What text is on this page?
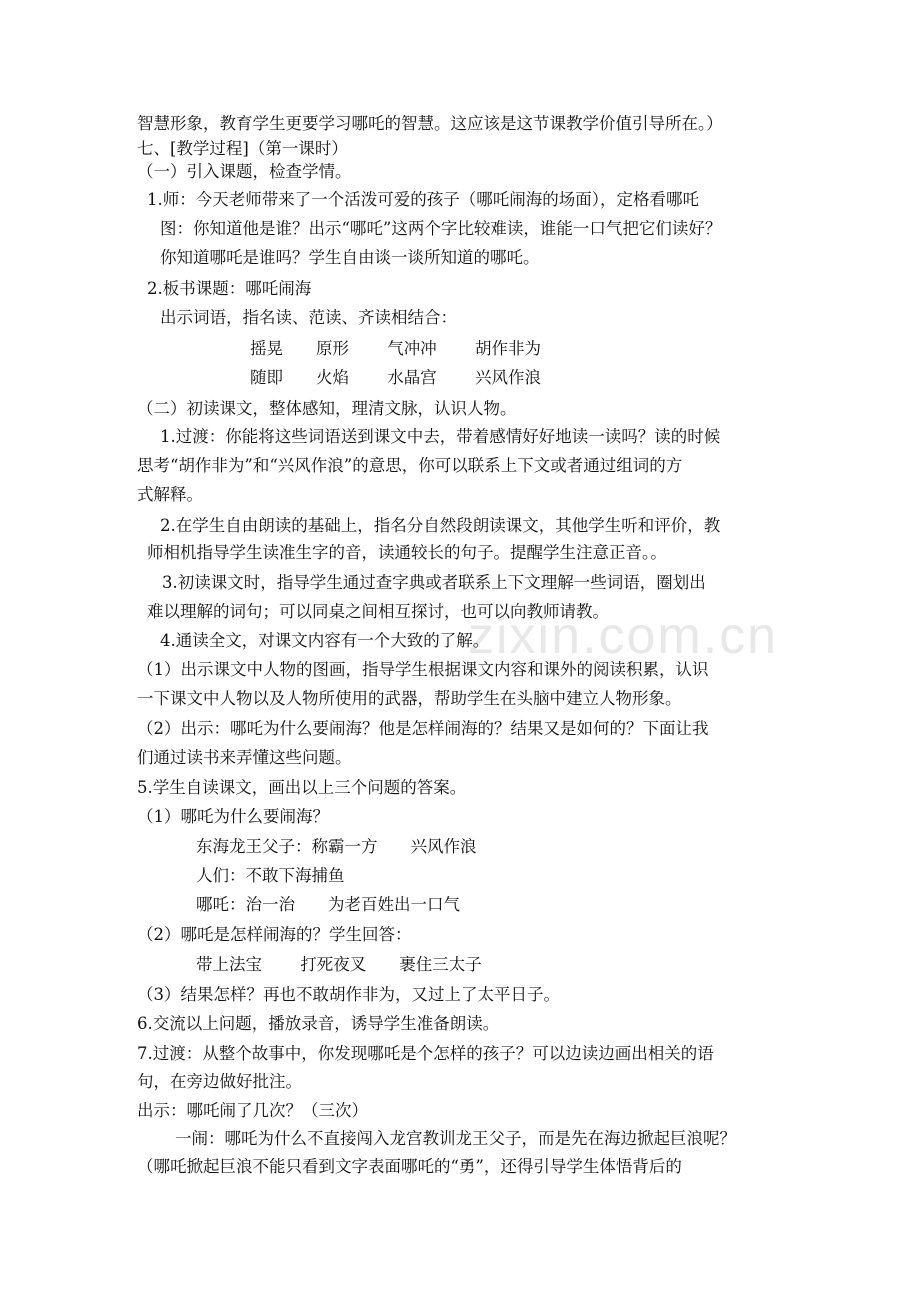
zixin.com.cn
智慧形象，教育学生更要学习哪吒的智慧。这应该是这节课教学价值引导所在。）
七、[教学过程]（第一课时）
（一）引入课题，检查学情。
1.师：今天老师带来了一个活泼可爱的孩子（哪吒闹海的场面），定格看哪吒
图：你知道他是谁？出示“哪吒”这两个字比较难读，谁能一口气把它们读好？
你知道哪吒是谁吗？学生自由谈一谈所知道的哪吒。
2.板书课题：哪吒闹海
出示词语，指名读、范读、齐读相结合：
摇晃　　原形　　 气冲冲　　 胡作非为
随即　　火焰　　 水晶宫　　 兴风作浪
（二）初读课文，整体感知，理清文脉，认识人物。
1.过渡：你能将这些词语送到课文中去，带着感情好好地读一读吗？读的时候
思考“胡作非为”和“兴风作浪”的意思，你可以联系上下文或者通过组词的方
式解释。
2.在学生自由朗读的基础上，指名分自然段朗读课文，其他学生听和评价，教
师相机指导学生读准生字的音，读通较长的句子。提醒学生注意正音。。
3.初读课文时，指导学生通过查字典或者联系上下文理解一些词语，圈划出
难以理解的词句；可以同桌之间相互探讨，也可以向教师请教。
4.通读全文，对课文内容有一个大致的了解。
（1）出示课文中人物的图画，指导学生根据课文内容和课外的阅读积累，认识
一下课文中人物以及人物所使用的武器，帮助学生在头脑中建立人物形象。
（2）出示：哪吒为什么要闹海？他是怎样闹海的？结果又是如何的？下面让我
们通过读书来弄懂这些问题。
5.学生自读课文，画出以上三个问题的答案。
（1）哪吒为什么要闹海？
东海龙王父子：称霸一方　　兴风作浪
人们：不敢下海捕鱼
哪吒：治一治　　为老百姓出一口气
（2）哪吒是怎样闹海的？学生回答：
带上法宝　　 打死夜叉　　裹住三太子
（3）结果怎样？再也不敢胡作非为，又过上了太平日子。
6.交流以上问题，播放录音，诱导学生准备朗读。
7.过渡：从整个故事中，你发现哪吒是个怎样的孩子？可以边读边画出相关的语
句，在旁边做好批注。
出示：哪吒闹了几次？（三次）
一闹：哪吒为什么不直接闯入龙宫教训龙王父子，而是先在海边掀起巨浪呢？
（哪吒掀起巨浪不能只看到文字表面哪吒的“勇”，还得引导学生体悟背后的
